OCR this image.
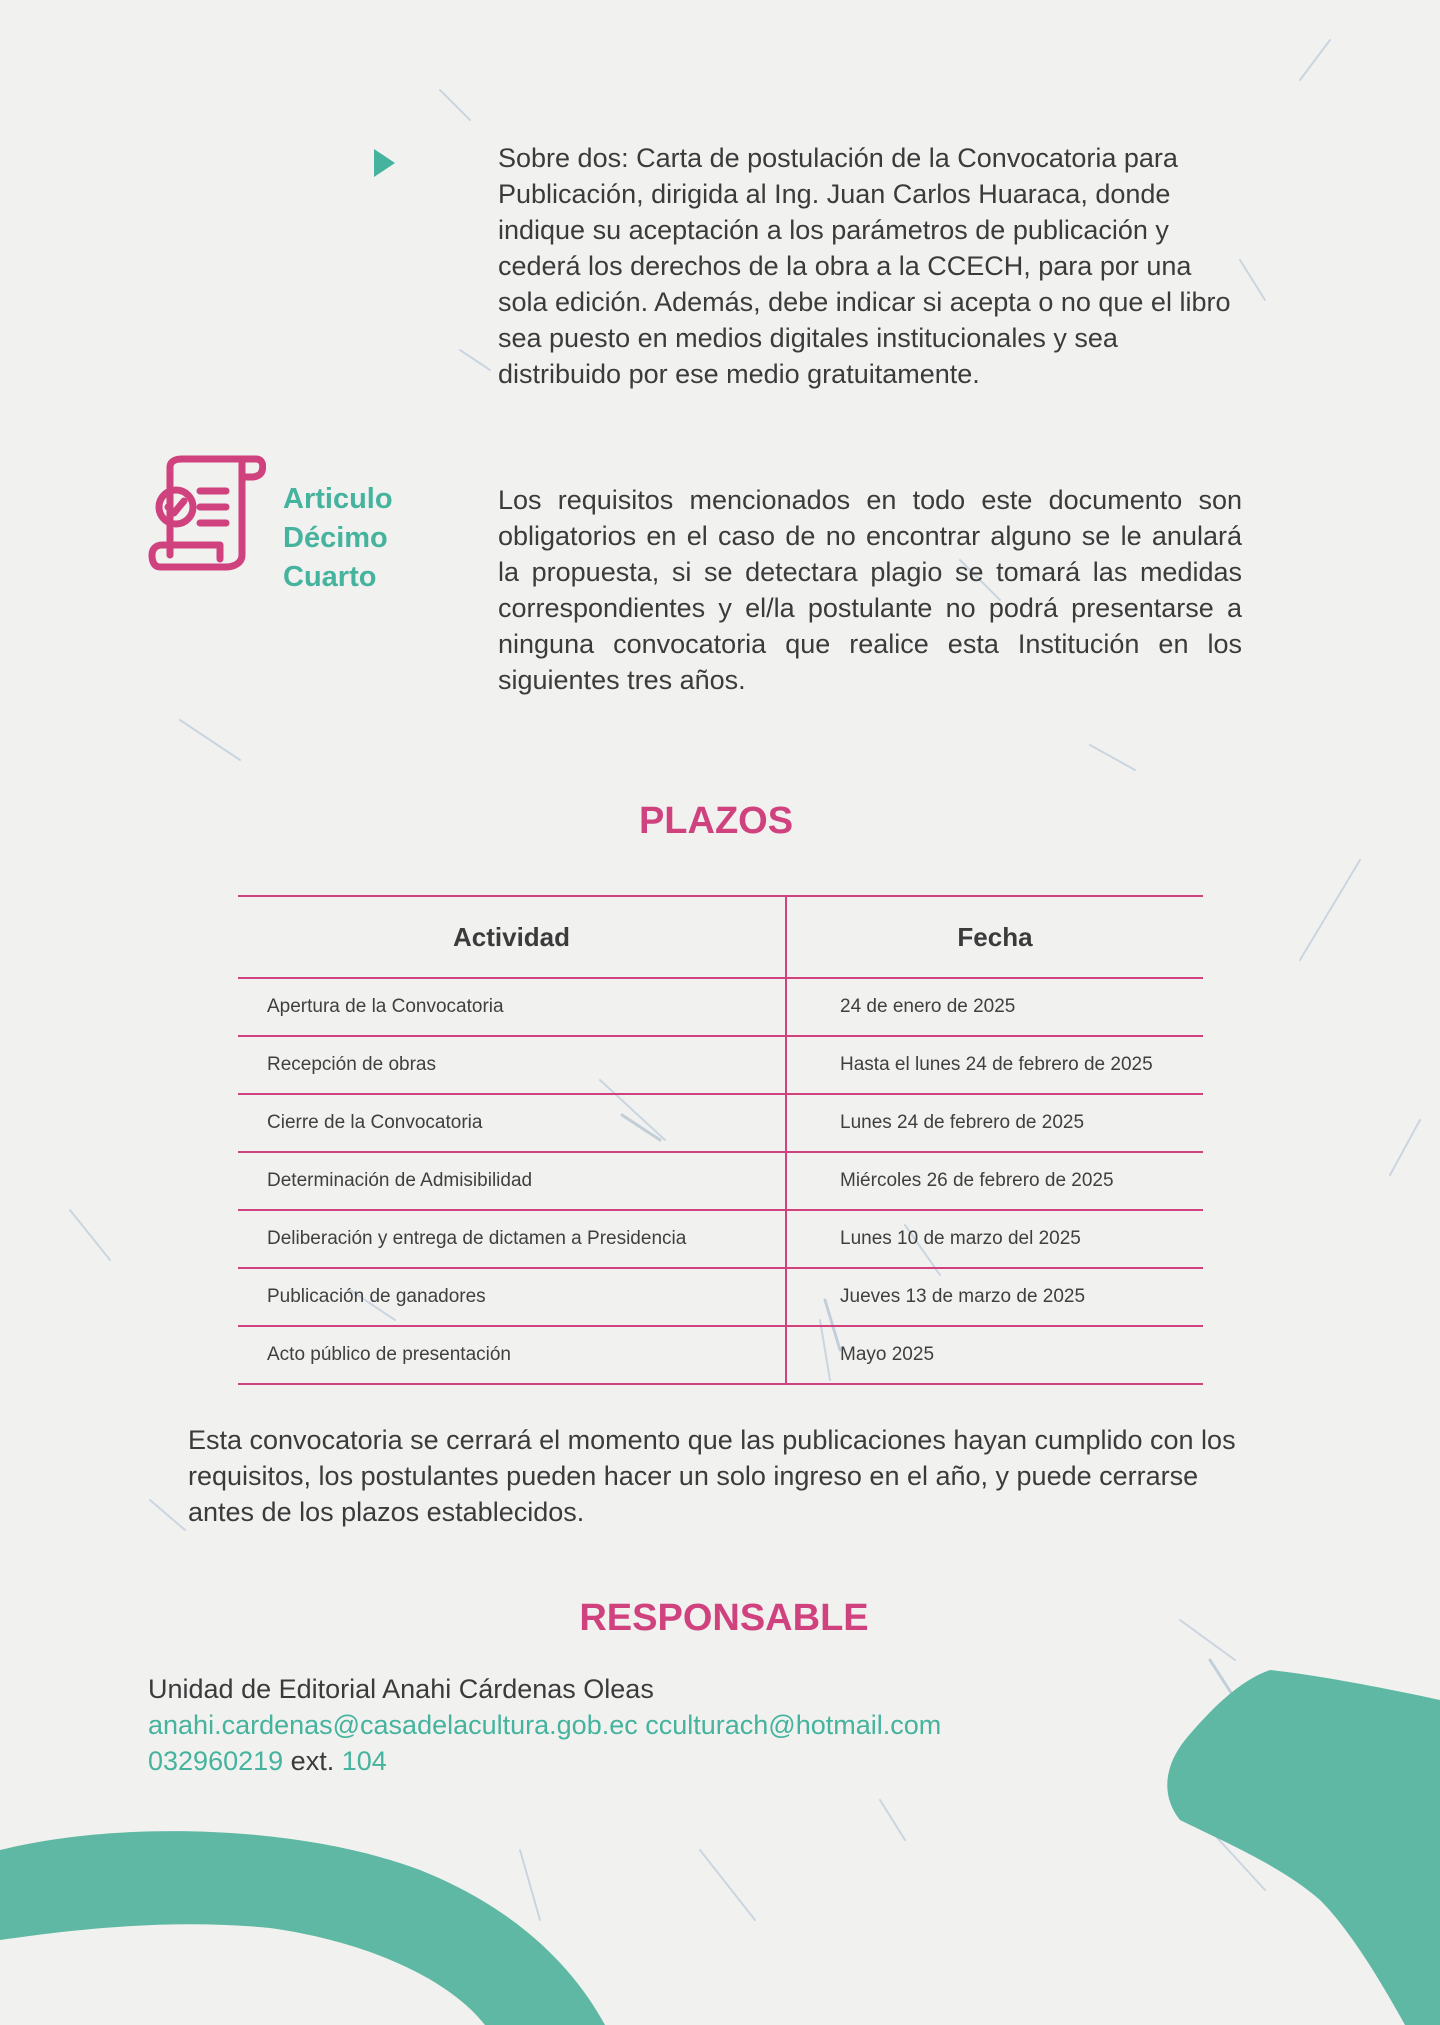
Sobre dos: Carta de postulación de la Convocatoria para Publicación, dirigida al Ing. Juan Carlos Huaraca, donde indique su aceptación a los parámetros de publicación y cederá los derechos de la obra a la CCECH, para por una sola edición. Además, debe indicar si acepta o no que el libro sea puesto en medios digitales institucionales y sea distribuido por ese medio gratuitamente.

Articulo
Décimo
Cuarto

Los requisitos mencionados en todo este documento son obligatorios en el caso de no encontrar alguno se le anulará la propuesta, si se detectara plagio se tomará las medidas correspondientes y el/la postulante no podrá presentarse a ninguna convocatoria que realice esta Institución en los siguientes tres años.

PLAZOS
Actividad	Fecha
Apertura de la Convocatoria	24 de enero de 2025
Recepción de obras	Hasta el lunes 24 de febrero de 2025
Cierre de la Convocatoria	Lunes 24 de febrero de 2025
Determinación de Admisibilidad	Miércoles 26 de febrero de 2025
Deliberación y entrega de dictamen a Presidencia	Lunes 10 de marzo del 2025
Publicación de ganadores	Jueves 13 de marzo de 2025
Acto público de presentación	Mayo 2025

Esta convocatoria se cerrará el momento que las publicaciones hayan cumplido con los requisitos, los postulantes pueden hacer un solo ingreso en el año, y puede cerrarse antes de los plazos establecidos.

RESPONSABLE
Unidad de Editorial Anahi Cárdenas Oleas
anahi.cardenas@casadelacultura.gob.ec cculturach@hotmail.com
032960219 ext. 104
